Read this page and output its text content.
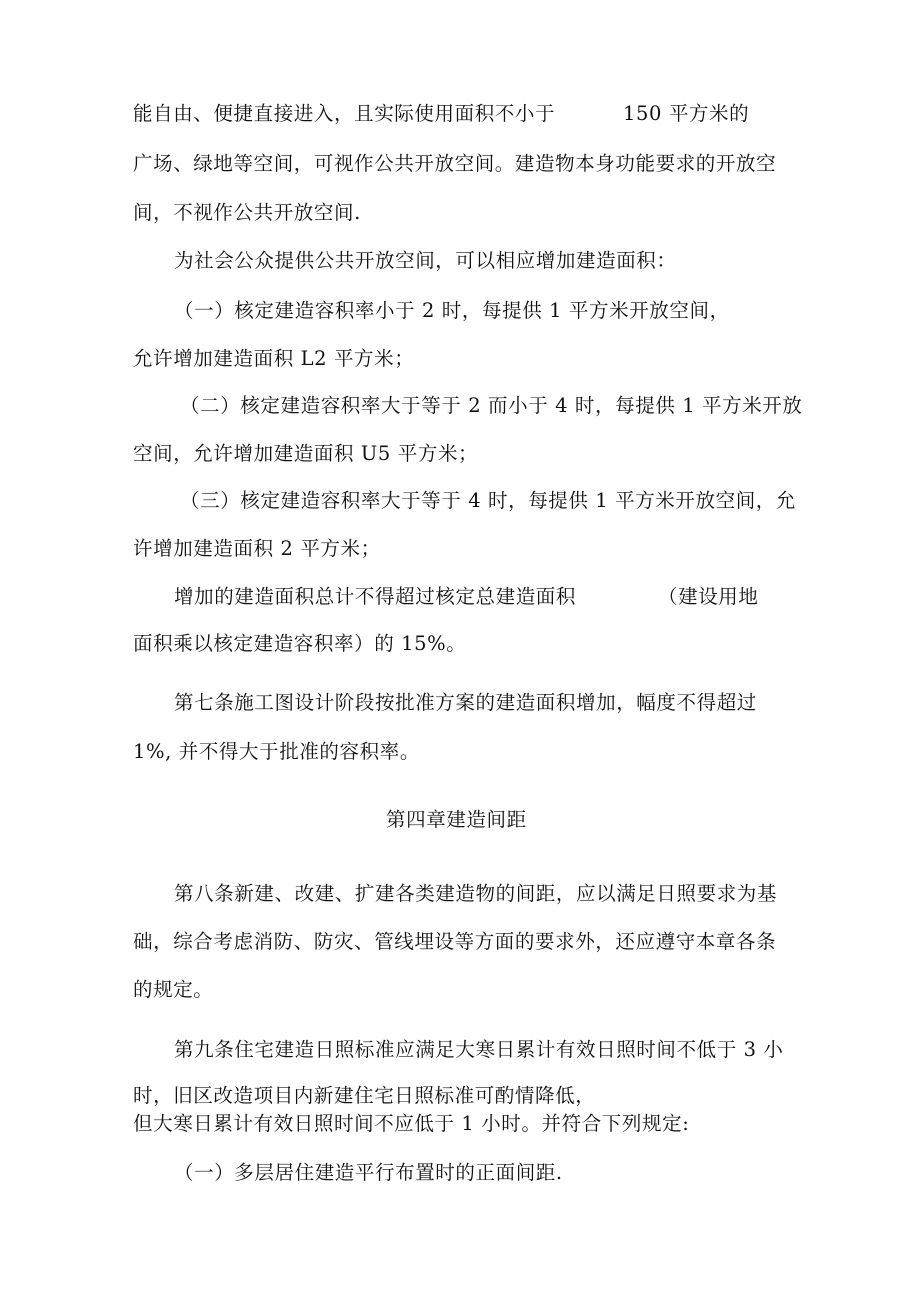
能自由、便捷直接进入，且实际使用面积不小于	150 平方米的
广场、绿地等空间，可视作公共开放空间。建造物本身功能要求的开放空
间，不视作公共开放空间.
为社会公众提供公共开放空间，可以相应增加建造面积：
（一）核定建造容积率小于 2 时，每提供 1 平方米开放空间，
允许增加建造面积 L2 平方米；
（二）核定建造容积率大于等于 2 而小于 4 时，每提供 1 平方米开放
空间，允许增加建造面积 U5 平方米；
（三）核定建造容积率大于等于 4 时，每提供 1 平方米开放空间，允
许增加建造面积 2 平方米；
增加的建造面积总计不得超过核定总建造面积	（建设用地
面积乘以核定建造容积率）的 15%。
第七条施工图设计阶段按批准方案的建造面积增加，幅度不得超过
1%, 并不得大于批准的容积率。
第四章建造间距
第八条新建、改建、扩建各类建造物的间距，应以满足日照要求为基
础，综合考虑消防、防灾、管线埋设等方面的要求外，还应遵守本章各条
的规定。
第九条住宅建造日照标准应满足大寒日累计有效日照时间不低于 3 小
时，旧区改造项目内新建住宅日照标准可酌情降低，
但大寒日累计有效日照时间不应低于 1 小时。并符合下列规定:
（一）多层居住建造平行布置时的正面间距.
